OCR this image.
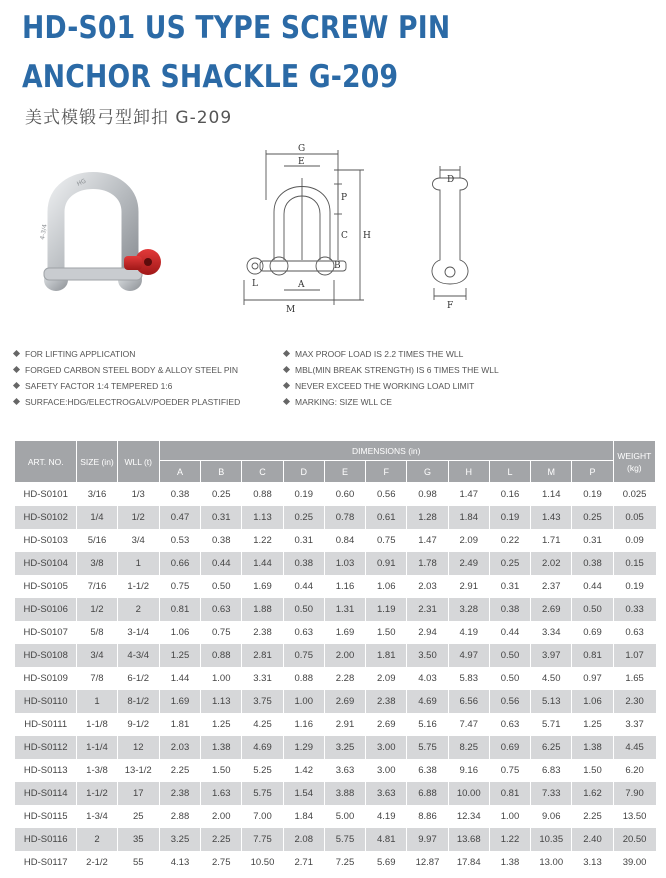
HD-S01 US TYPE SCREW PIN ANCHOR SHACKLE G-209
美式模锻弓型卸扣 G-209
HG
4-3/4
G
E
P
C H
B
L	A
M
D
F
FOR LIFTING APPLICATION
FORGED CARBON STEEL BODY & ALLOY STEEL PIN
SAFETY FACTOR 1:4 TEMPERED 1:6
SURFACE:HDG/ELECTROGALV/POEDER PLASTIFIED
MAX PROOF LOAD IS 2.2 TIMES THE WLL
MBL(MIN BREAK STRENGTH) IS 6 TIMES THE WLL
NEVER EXCEED THE WORKING LOAD LIMIT
MARKING: SIZE WLL CE
ART. NO.	SIZE (in)	WLL (t)	DIMENSIONS (in)											WEIGHT (kg)
			A	B	C	D	E	F	G	H	L	M	P	
HD-S0101	3/16	1/3	0.38	0.25	0.88	0.19	0.60	0.56	0.98	1.47	0.16	1.14	0.19	0.025
HD-S0102	1/4	1/2	0.47	0.31	1.13	0.25	0.78	0.61	1.28	1.84	0.19	1.43	0.25	0.05
HD-S0103	5/16	3/4	0.53	0.38	1.22	0.31	0.84	0.75	1.47	2.09	0.22	1.71	0.31	0.09
HD-S0104	3/8	1	0.66	0.44	1.44	0.38	1.03	0.91	1.78	2.49	0.25	2.02	0.38	0.15
HD-S0105	7/16	1-1/2	0.75	0.50	1.69	0.44	1.16	1.06	2.03	2.91	0.31	2.37	0.44	0.19
HD-S0106	1/2	2	0.81	0.63	1.88	0.50	1.31	1.19	2.31	3.28	0.38	2.69	0.50	0.33
HD-S0107	5/8	3-1/4	1.06	0.75	2.38	0.63	1.69	1.50	2.94	4.19	0.44	3.34	0.69	0.63
HD-S0108	3/4	4-3/4	1.25	0.88	2.81	0.75	2.00	1.81	3.50	4.97	0.50	3.97	0.81	1.07
HD-S0109	7/8	6-1/2	1.44	1.00	3.31	0.88	2.28	2.09	4.03	5.83	0.50	4.50	0.97	1.65
HD-S0110	1	8-1/2	1.69	1.13	3.75	1.00	2.69	2.38	4.69	6.56	0.56	5.13	1.06	2.30
HD-S0111	1-1/8	9-1/2	1.81	1.25	4.25	1.16	2.91	2.69	5.16	7.47	0.63	5.71	1.25	3.37
HD-S0112	1-1/4	12	2.03	1.38	4.69	1.29	3.25	3.00	5.75	8.25	0.69	6.25	1.38	4.45
HD-S0113	1-3/8	13-1/2	2.25	1.50	5.25	1.42	3.63	3.00	6.38	9.16	0.75	6.83	1.50	6.20
HD-S0114	1-1/2	17	2.38	1.63	5.75	1.54	3.88	3.63	6.88	10.00	0.81	7.33	1.62	7.90
HD-S0115	1-3/4	25	2.88	2.00	7.00	1.84	5.00	4.19	8.86	12.34	1.00	9.06	2.25	13.50
HD-S0116	2	35	3.25	2.25	7.75	2.08	5.75	4.81	9.97	13.68	1.22	10.35	2.40	20.50
HD-S0117	2-1/2	55	4.13	2.75	10.50	2.71	7.25	5.69	12.87	17.84	1.38	13.00	3.13	39.00
